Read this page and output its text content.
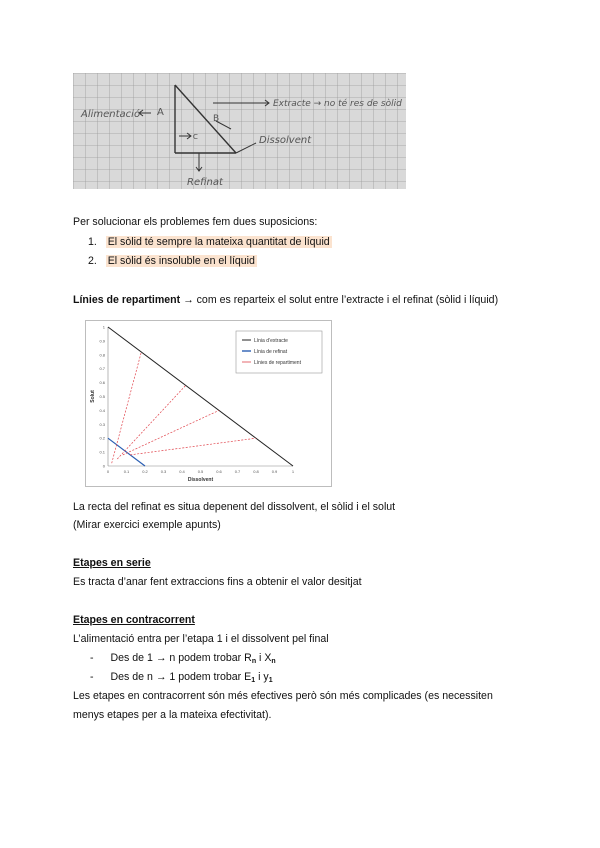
Alimentació A
B
C
Extracte → no té res de sòlid
Dissolvent
Refinat
Per solucionar els problemes fem dues suposicions:
1. El sòlid té sempre la mateixa quantitat de líquid
2. El sòlid és insoluble en el líquid
Línies de repartiment → com es reparteix el solut entre l’extracte i el refinat (sòlid i líquid)
0	0.1	0.2	0.3	0.4	0.5	0.6	0.7	0.8	0.9	1
0
0.1
0.2
0.3
0.4
0.5
0.6
0.7
0.8
0.9
1
Dissolvent
Solut
Línia d’extracte
Línia de refinat
Línies de repartiment
La recta del refinat es situa depenent del dissolvent, el sòlid i el solut
(Mirar exercici exemple apunts)
Etapes en serie
Es tracta d’anar fent extraccions fins a obtenir el valor desitjat
Etapes en contracorrent
L’alimentació entra per l’etapa 1 i el dissolvent pel final
- Des de 1 → n podem trobar $R_n$ i $X_n$
- Des de n → 1 podem trobar $E_1$ i $y_1$
Les etapes en contracorrent són més efectives però són més complicades (es necessiten
menys etapes per a la mateixa efectivitat).
